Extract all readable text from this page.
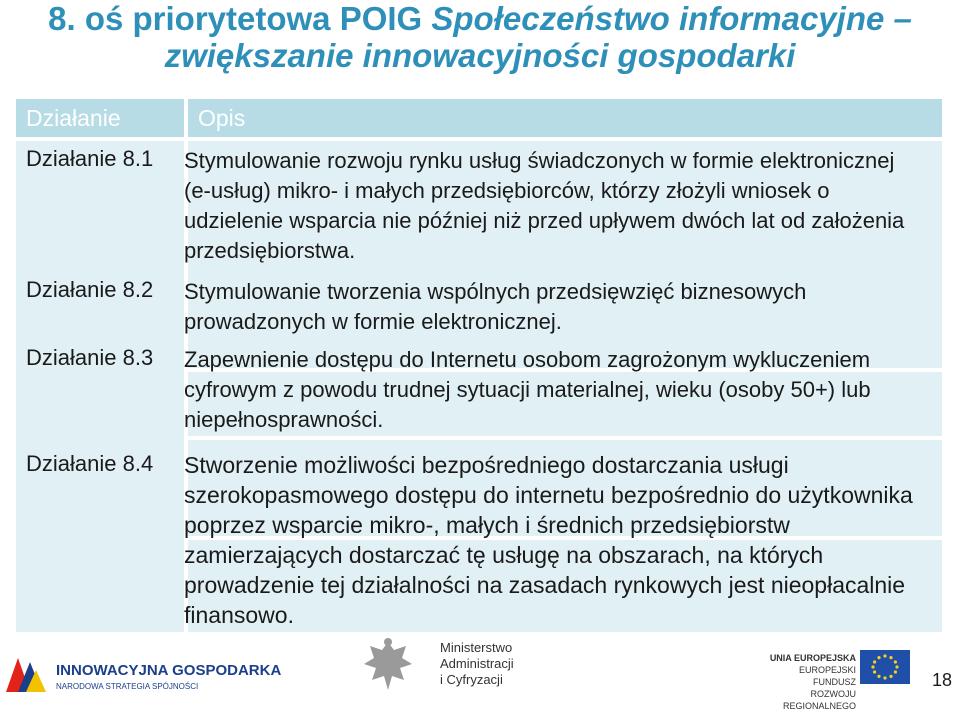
8. oś priorytetowa POIG Społeczeństwo informacyjne –
zwiększanie innowacyjności gospodarki
Działanie	Opis
Działanie 8.1
Działanie 8.2
Działanie 8.3
Działanie 8.4
Stymulowanie rozwoju rynku usług świadczonych w formie elektronicznej (e-usług) mikro- i małych przedsiębiorców, którzy złożyli wniosek o udzielenie wsparcia nie później niż przed upływem dwóch lat od założenia przedsiębiorstwa.
Stymulowanie tworzenia wspólnych przedsięwzięć biznesowych prowadzonych w formie elektronicznej.
Zapewnienie dostępu do Internetu osobom zagrożonym wykluczeniem cyfrowym z powodu trudnej sytuacji materialnej, wieku (osoby 50+) lub niepełnosprawności.
Stworzenie możliwości bezpośredniego dostarczania usługi szerokopasmowego dostępu do internetu bezpośrednio do użytkownika poprzez wsparcie mikro-, małych i średnich przedsiębiorstw zamierzających dostarczać tę usługę na obszarach, na których prowadzenie tej działalności na zasadach rynkowych jest nieopłacalnie finansowo.
INNOWACYJNA GOSPODARKA
NARODOWA STRATEGIA SPÓJNOŚCI
Ministerstwo
Administracji
i Cyfryzacji
UNIA EUROPEJSKA
EUROPEJSKI FUNDUSZ
ROZWOJU REGIONALNEGO
18
